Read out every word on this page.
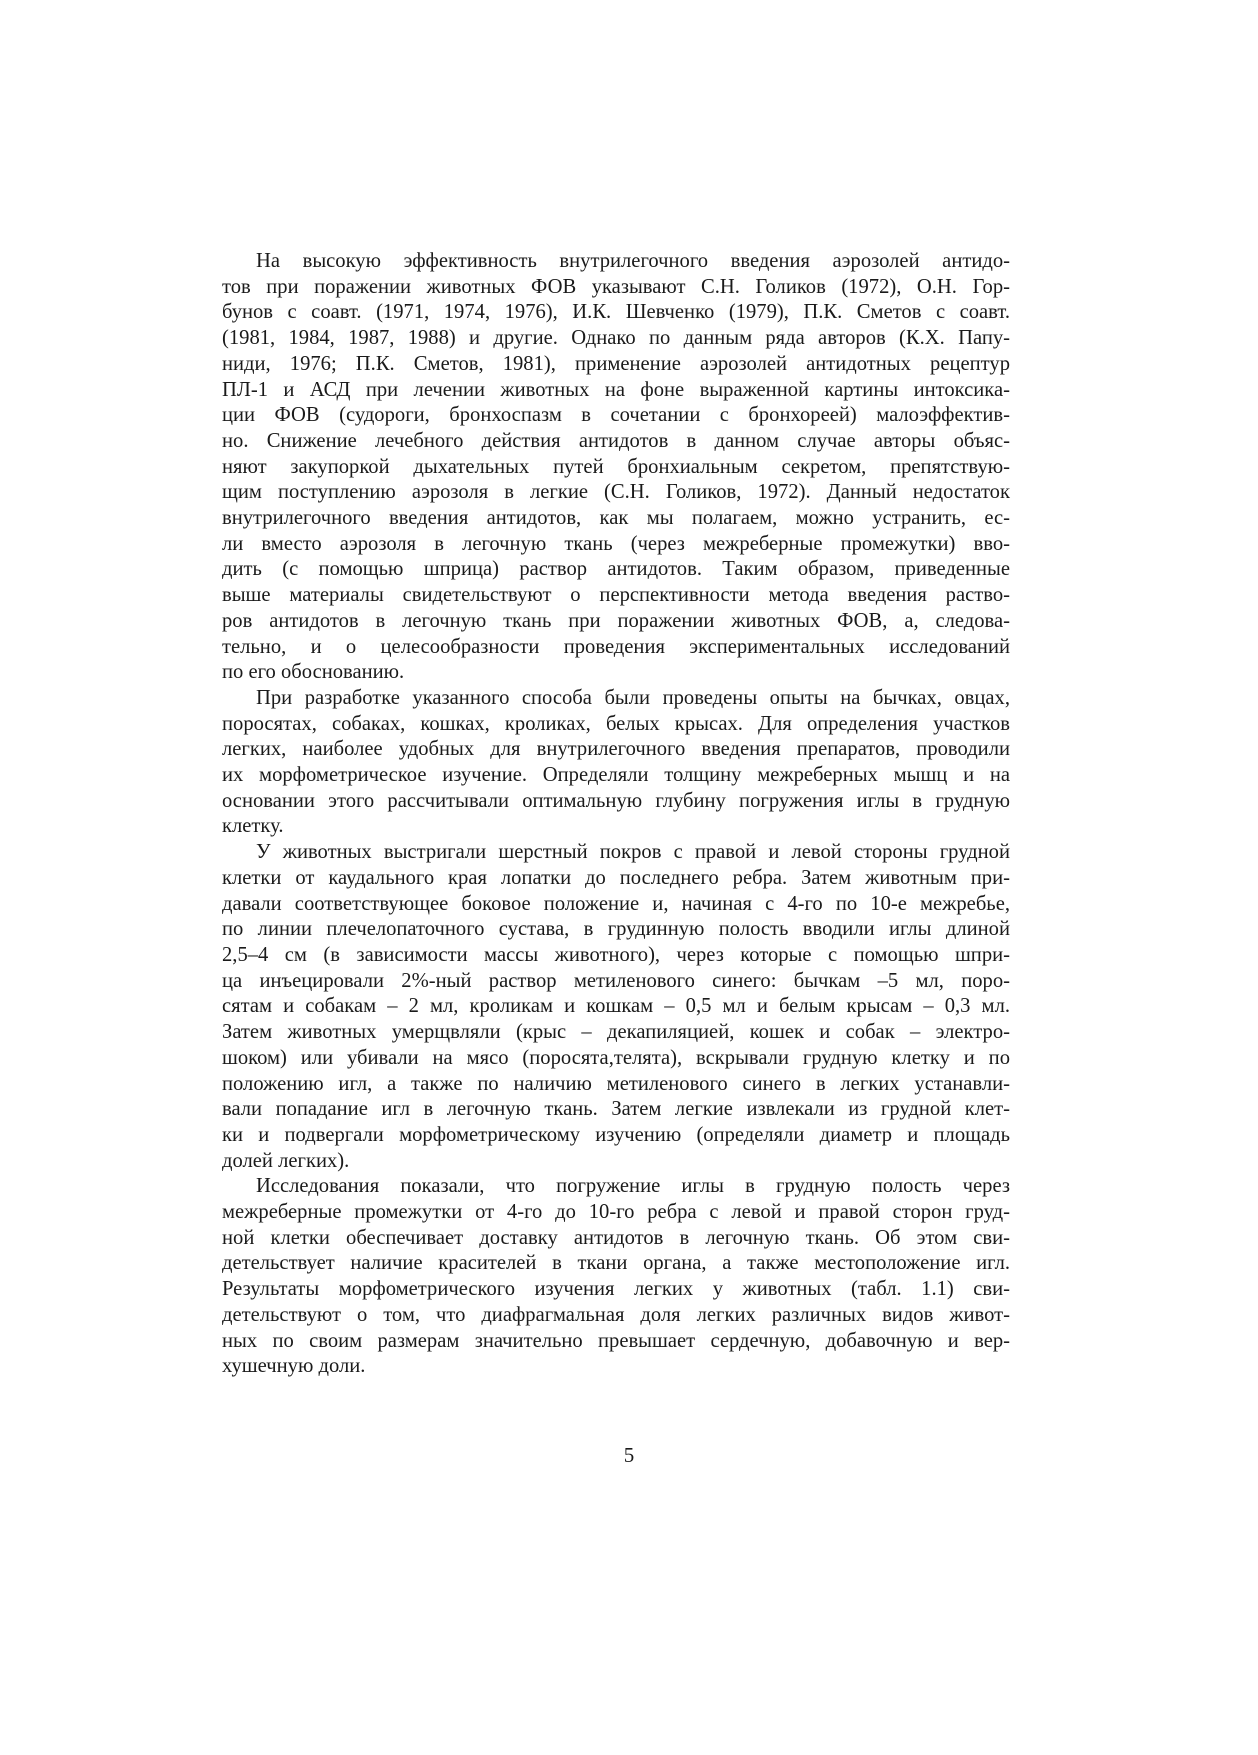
На высокую эффективность внутрилегочного введения аэрозолей антидо-
тов при поражении животных ФОВ указывают С.Н. Голиков (1972), О.Н. Гор-
бунов с соавт. (1971, 1974, 1976), И.К. Шевченко (1979), П.К. Сметов с соавт.
(1981, 1984, 1987, 1988) и другие. Однако по данным ряда авторов (К.Х. Папу-
ниди, 1976; П.К. Сметов, 1981), применение аэрозолей антидотных рецептур
ПЛ-1 и АСД при лечении животных на фоне выраженной картины интоксика-
ции ФОВ (судороги, бронхоспазм в сочетании с бронхореей) малоэффектив-
но. Снижение лечебного действия антидотов в данном случае авторы объяс-
няют закупоркой дыхательных путей бронхиальным секретом, препятствую-
щим поступлению аэрозоля в легкие (С.Н. Голиков, 1972). Данный недостаток
внутрилегочного введения антидотов, как мы полагаем, можно устранить, ес-
ли вместо аэрозоля в легочную ткань (через межреберные промежутки) вво-
дить (с помощью шприца) раствор антидотов. Таким образом, приведенные
выше материалы свидетельствуют о перспективности метода введения раство-
ров антидотов в легочную ткань при поражении животных ФОВ, а, следова-
тельно, и о целесообразности проведения экспериментальных исследований
по его обоснованию.
При разработке указанного способа были проведены опыты на бычках, овцах,
поросятах, собаках, кошках, кроликах, белых крысах. Для определения участков
легких, наиболее удобных для внутрилегочного введения препаратов, проводили
их морфометрическое изучение. Определяли толщину межреберных мышц и на
основании этого рассчитывали оптимальную глубину погружения иглы в грудную
клетку.
У животных выстригали шерстный покров с правой и левой стороны грудной
клетки от каудального края лопатки до последнего ребра. Затем животным при-
давали соответствующее боковое положение и, начиная с 4-го по 10-е межребье,
по линии плечелопаточного сустава, в грудинную полость вводили иглы длиной
2,5–4 см (в зависимости массы животного), через которые с помощью шпри-
ца инъецировали 2%-ный раствор метиленового синего: бычкам –5 мл, поро-
сятам и собакам – 2 мл, кроликам и кошкам – 0,5 мл и белым крысам – 0,3 мл.
Затем животных умерщвляли (крыс – декапиляцией, кошек и собак – электро-
шоком) или убивали на мясо (поросята,телята), вскрывали грудную клетку и по
положению игл, а также по наличию метиленового синего в легких устанавли-
вали попадание игл в легочную ткань. Затем легкие извлекали из грудной клет-
ки и подвергали морфометрическому изучению (определяли диаметр и площадь
долей легких).
Исследования показали, что погружение иглы в грудную полость через
межреберные промежутки от 4-го до 10-го ребра с левой и правой сторон груд-
ной клетки обеспечивает доставку антидотов в легочную ткань. Об этом сви-
детельствует наличие красителей в ткани органа, а также местоположение игл.
Результаты морфометрического изучения легких у животных (табл. 1.1) сви-
детельствуют о том, что диафрагмальная доля легких различных видов живот-
ных по своим размерам значительно превышает сердечную, добавочную и вер-
хушечную доли.
5
